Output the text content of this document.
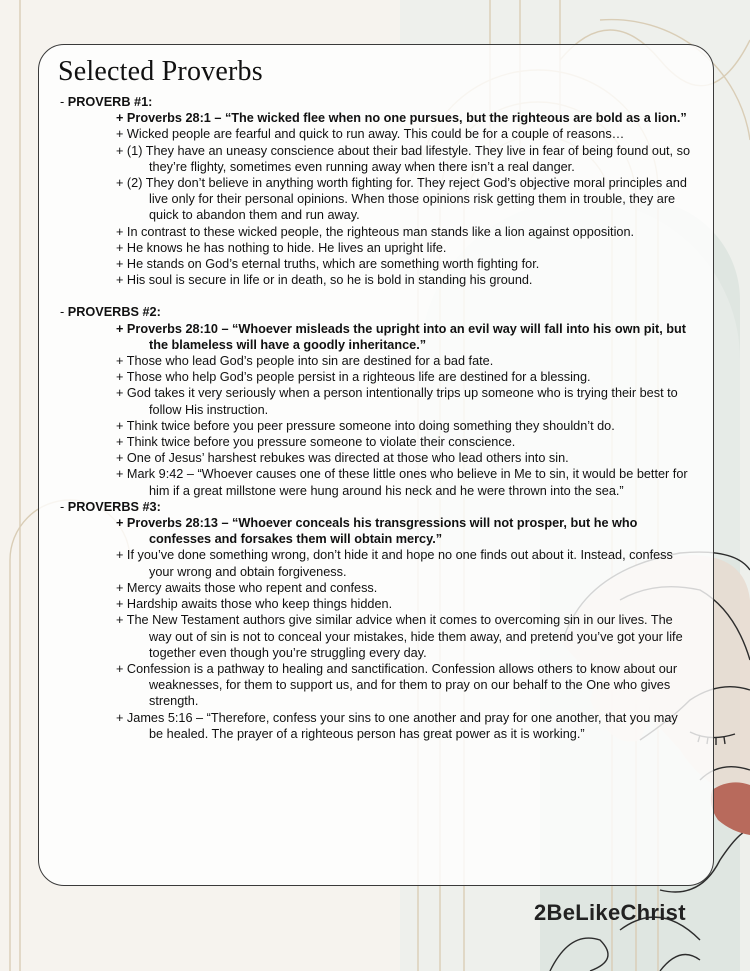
Selected Proverbs
- PROVERB #1:

+ Proverbs 28:1 – “The wicked flee when no one pursues, but the righteous are bold as a lion.”

+ Wicked people are fearful and quick to run away. This could be for a couple of reasons…

+ (1) They have an uneasy conscience about their bad lifestyle. They live in fear of being found out, so they’re flighty, sometimes even running away when there isn’t a real danger.

+ (2) They don’t believe in anything worth fighting for. They reject God’s objective moral principles and live only for their personal opinions. When those opinions risk getting them in trouble, they are quick to abandon them and run away.

+ In contrast to these wicked people, the righteous man stands like a lion against opposition.

+ He knows he has nothing to hide. He lives an upright life.

+ He stands on God’s eternal truths, which are something worth fighting for.

+ His soul is secure in life or in death, so he is bold in standing his ground.

- PROVERBS #2:

+ Proverbs 28:10 – “Whoever misleads the upright into an evil way will fall into his own pit, but the blameless will have a goodly inheritance.”

+ Those who lead God’s people into sin are destined for a bad fate.

+ Those who help God’s people persist in a righteous life are destined for a blessing.

+ God takes it very seriously when a person intentionally trips up someone who is trying their best to follow His instruction.

+ Think twice before you peer pressure someone into doing something they shouldn’t do.

+ Think twice before you pressure someone to violate their conscience.

+ One of Jesus’ harshest rebukes was directed at those who lead others into sin.

+ Mark 9:42 – “Whoever causes one of these little ones who believe in Me to sin, it would be better for him if a great millstone were hung around his neck and he were thrown into the sea.”

- PROVERBS #3:

+ Proverbs 28:13 – “Whoever conceals his transgressions will not prosper, but he who confesses and forsakes them will obtain mercy.”

+ If you’ve done something wrong, don’t hide it and hope no one finds out about it. Instead, confess your wrong and obtain forgiveness.

+ Mercy awaits those who repent and confess.

+ Hardship awaits those who keep things hidden.

+ The New Testament authors give similar advice when it comes to overcoming sin in our lives. The way out of sin is not to conceal your mistakes, hide them away, and pretend you’ve got your life together even though you’re struggling every day.

+ Confession is a pathway to healing and sanctification. Confession allows others to know about our weaknesses, for them to support us, and for them to pray on our behalf to the One who gives strength.

+ James 5:16 – “Therefore, confess your sins to one another and pray for one another, that you may be healed. The prayer of a righteous person has great power as it is working.”

2BeLikeChrist
